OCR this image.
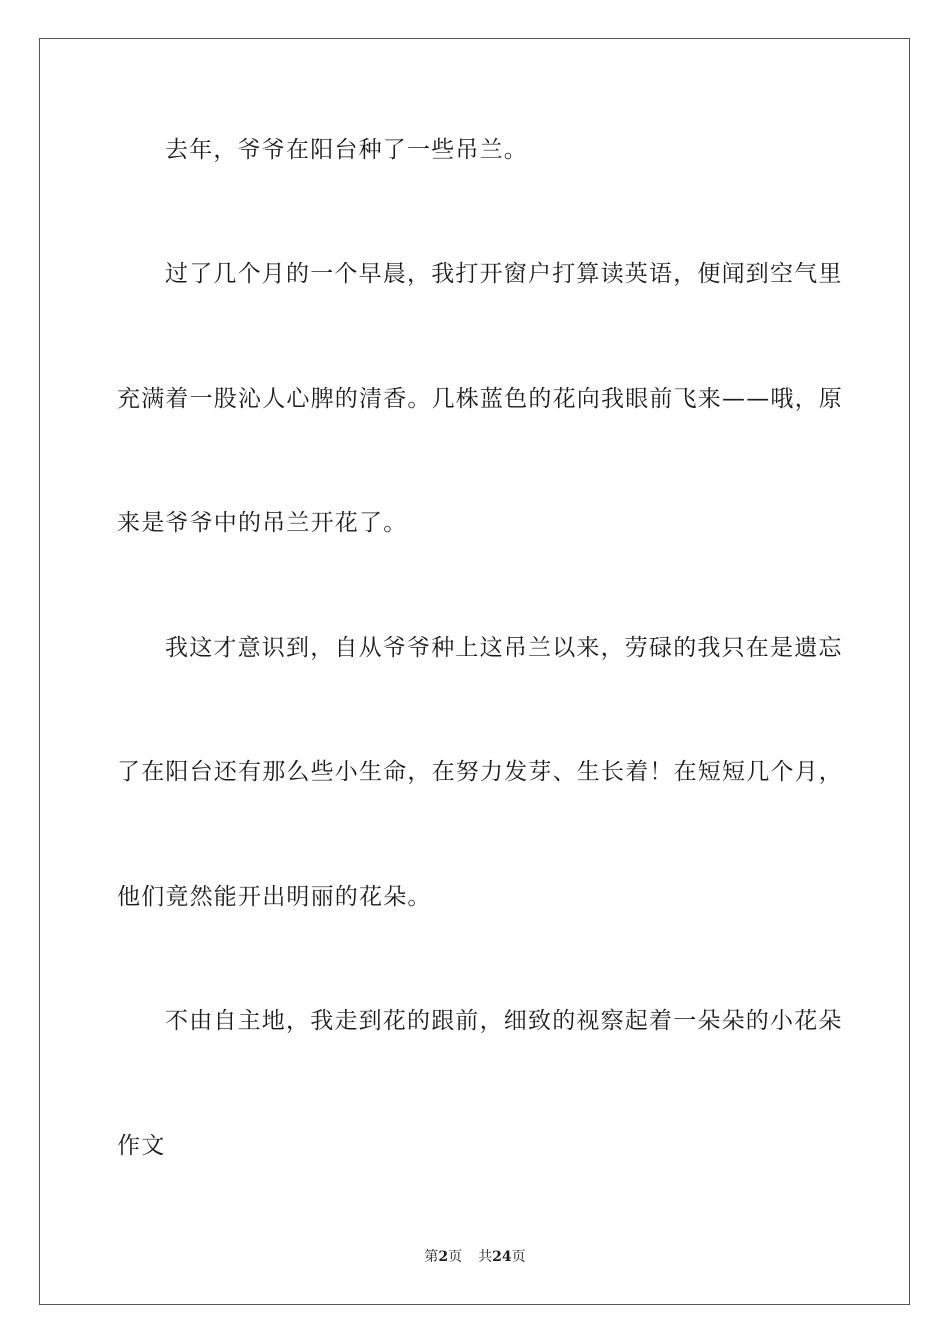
去年，爷爷在阳台种了一些吊兰。
过了几个月的一个早晨，我打开窗户打算读英语，便闻到空气里
充满着一股沁人心脾的清香。几株蓝色的花向我眼前飞来——哦，原
来是爷爷中的吊兰开花了。
我这才意识到，自从爷爷种上这吊兰以来，劳碌的我只在是遗忘
了在阳台还有那么些小生命，在努力发芽、生长着！在短短几个月，
他们竟然能开出明丽的花朵。
不由自主地，我走到花的跟前，细致的视察起着一朵朵的小花朵
作文
第2页 共24页
